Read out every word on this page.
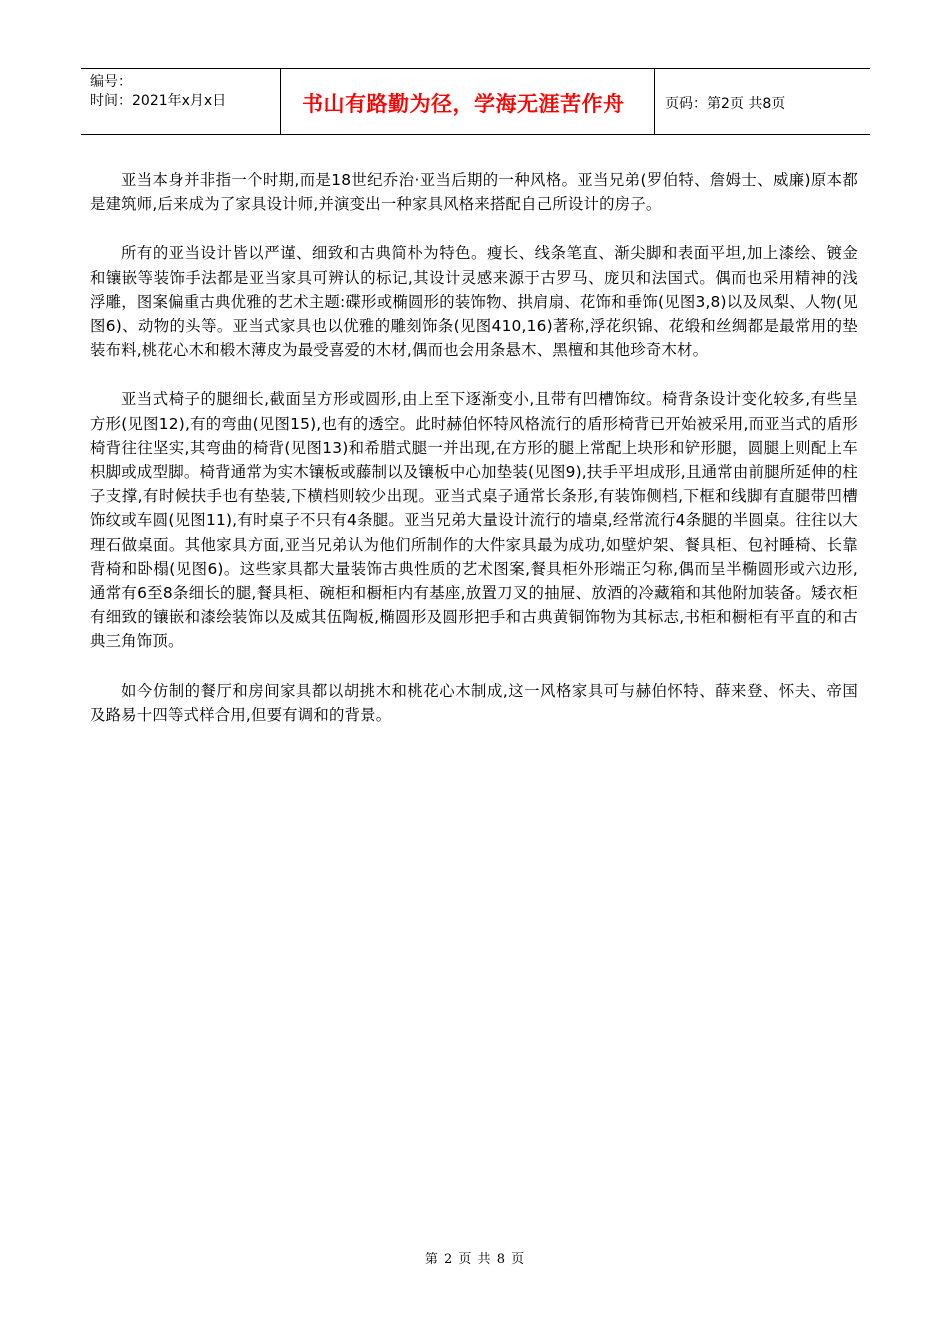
编号：
时间：2021年x月x日	书山有路勤为径，学海无涯苦作舟	页码：第2页 共8页

亚当本身并非指一个时期,而是18世纪乔治·亚当后期的一种风格。亚当兄弟(罗伯特、詹姆士、威廉)原本都是建筑师,后来成为了家具设计师,并演变出一种家具风格来搭配自己所设计的房子。

所有的亚当设计皆以严谨、细致和古典简朴为特色。瘦长、线条笔直、渐尖脚和表面平坦,加上漆绘、镀金和镶嵌等装饰手法都是亚当家具可辨认的标记,其设计灵感来源于古罗马、庞贝和法国式。偶而也采用精神的浅浮雕，图案偏重古典优雅的艺术主题:碟形或椭圆形的装饰物、拱肩扇、花饰和垂饰(见图3,8)以及凤梨、人物(见图6)、动物的头等。亚当式家具也以优雅的雕刻饰条(见图410,16)著称,浮花织锦、花缎和丝绸都是最常用的垫装布料,桃花心木和椴木薄皮为最受喜爱的木材,偶而也会用条悬木、黑檀和其他珍奇木材。

亚当式椅子的腿细长,截面呈方形或圆形,由上至下逐渐变小,且带有凹槽饰纹。椅背条设计变化较多,有些呈方形(见图12),有的弯曲(见图15),也有的透空。此时赫伯怀特风格流行的盾形椅背已开始被采用,而亚当式的盾形椅背往往坚实,其弯曲的椅背(见图13)和希腊式腿一并出现,在方形的腿上常配上块形和铲形腿，圆腿上则配上车枳脚或成型脚。椅背通常为实木镶板或藤制以及镶板中心加垫装(见图9),扶手平坦成形,且通常由前腿所延伸的柱子支撑,有时候扶手也有垫装,下横档则较少出现。亚当式桌子通常长条形,有装饰侧档,下框和线脚有直腿带凹槽饰纹或车圆(见图11),有时桌子不只有4条腿。亚当兄弟大量设计流行的墙桌,经常流行4条腿的半圆桌。往往以大理石做桌面。其他家具方面,亚当兄弟认为他们所制作的大件家具最为成功,如壁炉架、餐具柜、包衬睡椅、长靠背椅和卧榻(见图6)。这些家具都大量装饰古典性质的艺术图案,餐具柜外形端正匀称,偶而呈半椭圆形或六边形,通常有6至8条细长的腿,餐具柜、碗柜和橱柜内有基座,放置刀叉的抽屉、放酒的冷藏箱和其他附加装备。矮衣柜有细致的镶嵌和漆绘装饰以及威其伍陶板,椭圆形及圆形把手和古典黄铜饰物为其标志,书柜和橱柜有平直的和古典三角饰顶。

如今仿制的餐厅和房间家具都以胡挑木和桃花心木制成,这一风格家具可与赫伯怀特、薛来登、怀夫、帝国及路易十四等式样合用,但要有调和的背景。

第 2 页 共 8 页
